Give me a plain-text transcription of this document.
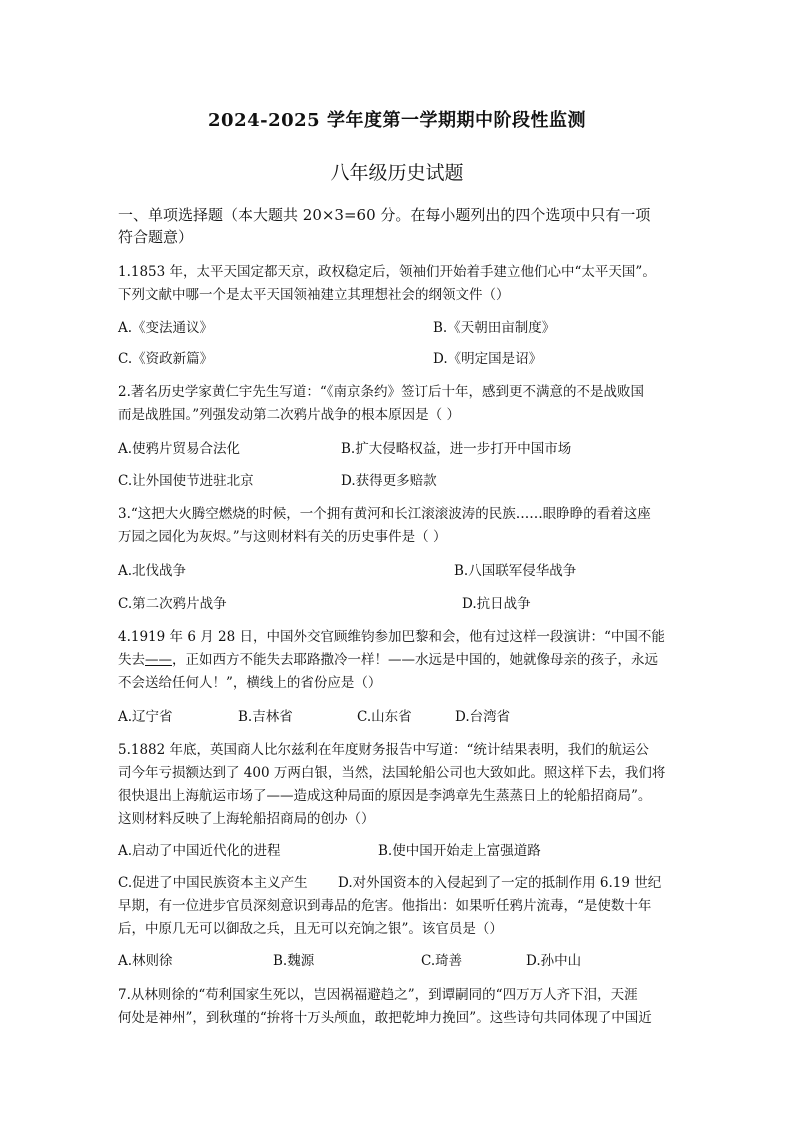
2024-2025 学年度第一学期期中阶段性监测
八年级历史试题
一、单项选择题（本大题共 20×3=60 分。在每小题列出的四个选项中只有一项
符合题意）
1.1853 年，太平天国定都天京，政权稳定后，领袖们开始着手建立他们心中“太平天国”。
下列文献中哪一个是太平天国领袖建立其理想社会的纲领文件（）
A.《变法通议》	B.《天朝田亩制度》
C.《资政新篇》	D.《明定国是诏》
2.著名历史学家黄仁宇先生写道：“《南京条约》签订后十年，感到更不满意的不是战败国
而是战胜国。”列强发动第二次鸦片战争的根本原因是（ ）
A.使鸦片贸易合法化	B.扩大侵略权益，进一步打开中国市场
C.让外国使节进驻北京	D.获得更多赔款
3.“这把大火腾空燃烧的时候，一个拥有黄河和长江滚滚波涛的民族……眼睁睁的看着这座
万园之园化为灰烬。”与这则材料有关的历史事件是（ ）
A.北伐战争	B.八国联军侵华战争
C.第二次鸦片战争	D.抗日战争
4.1919 年 6 月 28 日，中国外交官顾维钧参加巴黎和会，他有过这样一段演讲：“中国不能
失去——，正如西方不能失去耶路撒冷一样！——水远是中国的，她就像母亲的孩子，永远
不会送给任何人！”，横线上的省份应是（）
A.辽宁省	B.吉林省	C.山东省	D.台湾省
5.1882 年底，英国商人比尔兹利在年度财务报告中写道：“统计结果表明，我们的航运公
司今年亏损额达到了 400 万两白银，当然，法国轮船公司也大致如此。照这样下去，我们将
很快退出上海航运市场了——造成这种局面的原因是李鸿章先生蒸蒸日上的轮船招商局”。
这则材料反映了上海轮船招商局的创办（）
A.启动了中国近代化的进程	B.使中国开始走上富强道路
C.促进了中国民族资本主义产生 D.对外国资本的入侵起到了一定的抵制作用 6.19 世纪
早期，有一位进步官员深刻意识到毒品的危害。他指出：如果听任鸦片流毒，“是使数十年
后，中原几无可以御敌之兵，且无可以充饷之银”。该官员是（）
A.林则徐	B.魏源	C.琦善	D.孙中山
7.从林则徐的“苟利国家生死以，岂因祸福避趋之”，到谭嗣同的“四万万人齐下泪，天涯
何处是神州”，到秋瑾的“拚将十万头颅血，敢把乾坤力挽回”。这些诗句共同体现了中国近
